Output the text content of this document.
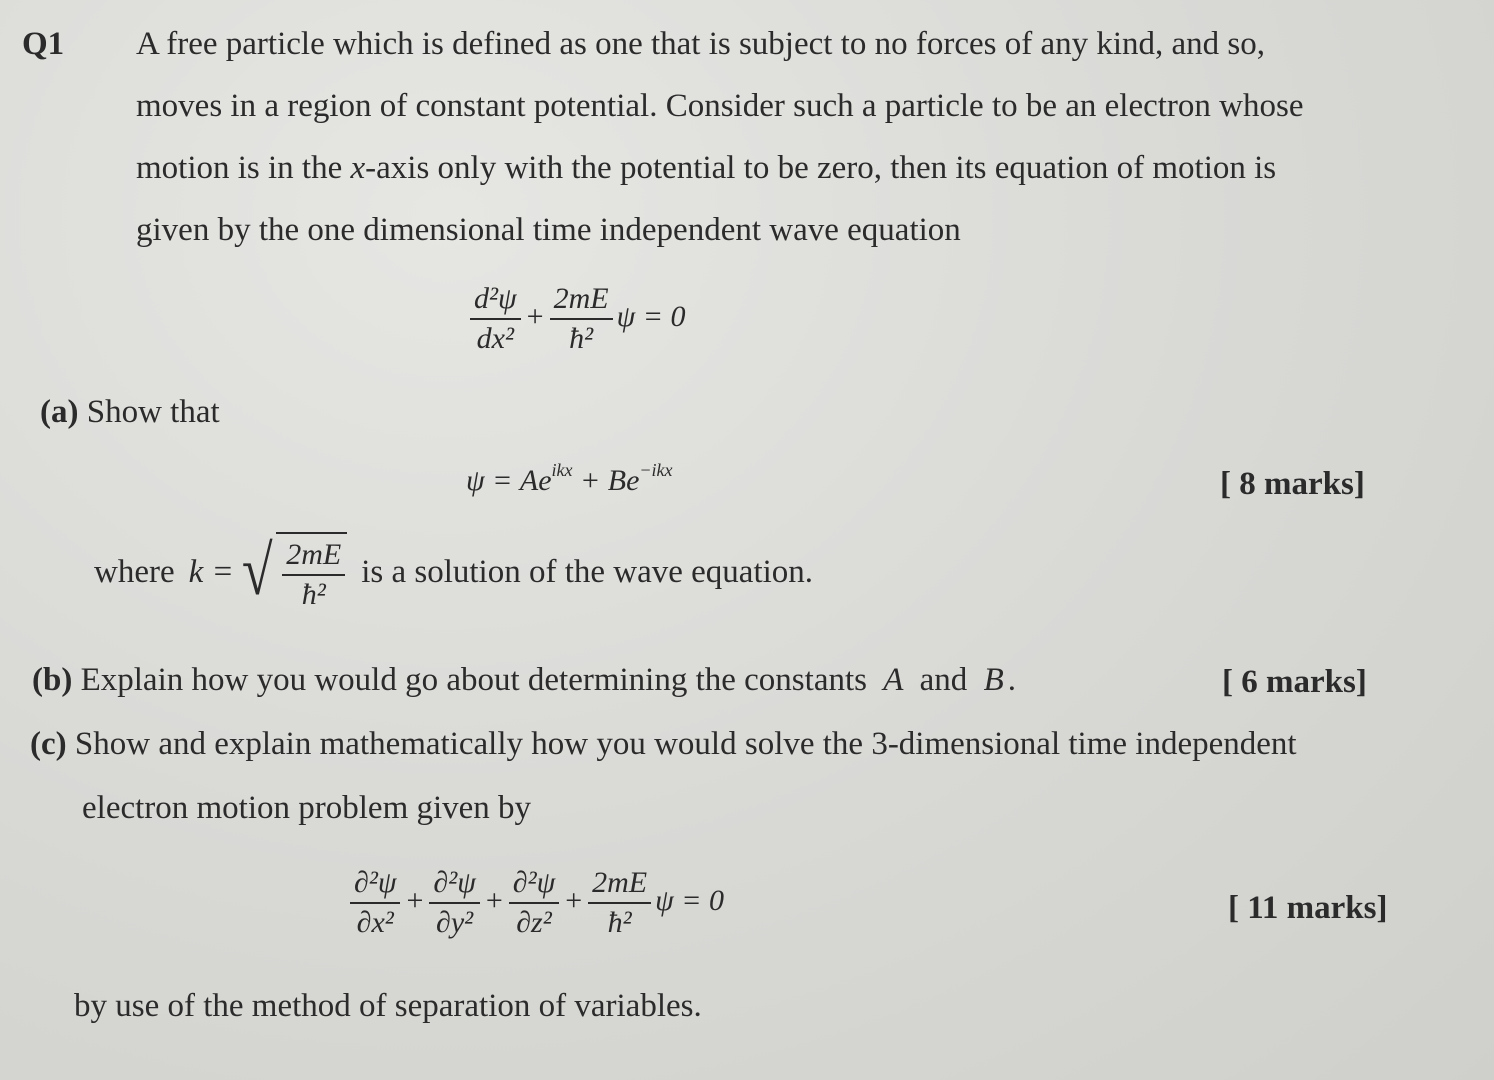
Q1 A free particle which is defined as one that is subject to no forces of any kind, and so,
moves in a region of constant potential. Consider such a particle to be an electron whose
motion is in the x-axis only with the potential to be zero, then its equation of motion is
given by the one dimensional time independent wave equation
$\frac{\text{d²ψ}}{\text{dx²}} + \frac{2mE}{\text{ħ²}}$ ψ = 0
(a) Show that
$\psi = Ae^{ikx} + Be^{-ikx}$	[ 8 marks]
where k = √ $\frac{2mE}{\text{ħ²}}$ is a solution of the wave equation.
(b) Explain how you would go about determining the constants A and B .	[ 6 marks]
(c) Show and explain mathematically how you would solve the 3-dimensional time independent
electron motion problem given by
$\frac{\text{∂²ψ}}{\text{∂x²}} + \frac{\text{∂²ψ}}{\text{∂y²}} + \frac{\text{∂²ψ}}{\text{∂z²}} + \frac{2mE}{\text{ħ²}}$ ψ = 0	[ 11 marks]
by use of the method of separation of variables.
